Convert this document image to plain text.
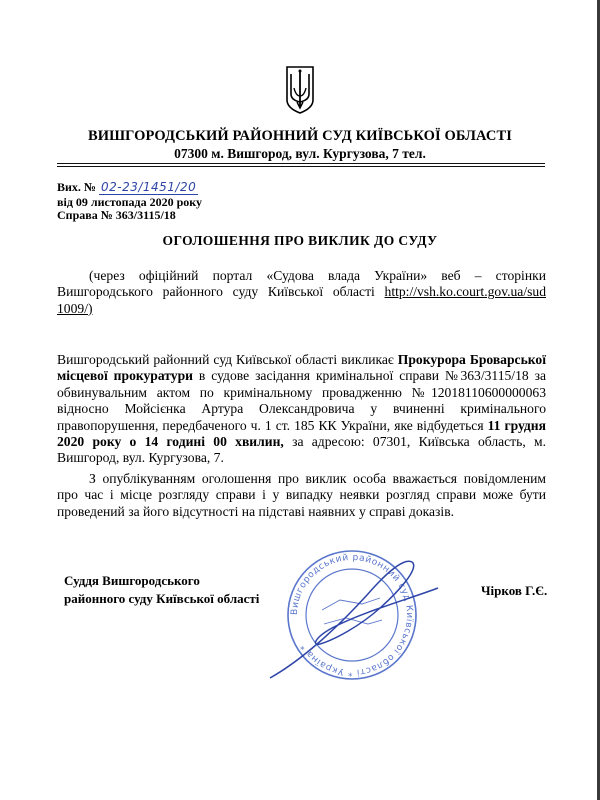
ВИШГОРОДСЬКИЙ РАЙОННИЙ СУД КИЇВСЬКОЇ ОБЛАСТІ
07300 м. Вишгород, вул. Кургузова, 7 тел.
Вих. № 02-23/1451/20
від 09 листопада 2020 року
Справа № 363/3115/18
ОГОЛОШЕННЯ ПРО ВИКЛИК ДО СУДУ
(через офіційний портал «Судова влада України» веб – сторінки Вишгородського районного суду Київської області http://vsh.ko.court.gov.ua/sud 1009/)
Вишгородський районний суд Київської області викликає Прокурора Броварської місцевої прокуратури в судове засідання кримінальної справи №363/3115/18 за обвинувальним актом по кримінальному провадженню №12018110600000063 відносно Мойсієнка Артура Олександровича у вчиненні кримінального правопорушення, передбаченого ч. 1 ст. 185 КК України, яке відбудеться 11 грудня 2020 року о 14 годині 00 хвилин, за адресою: 07301, Київська область, м. Вишгород, вул. Кургузова, 7.
З опублікуванням оголошення про виклик особа вважається повідомленим про час і місце розгляду справи і у випадку неявки розгляд справи може бути проведений за його відсутності на підставі наявних у справі доказів.
Суддя Вишгородського
районного суду Київської області
Чірков Г.Є.
Вишгородський районний суд Київської області * Україна *
